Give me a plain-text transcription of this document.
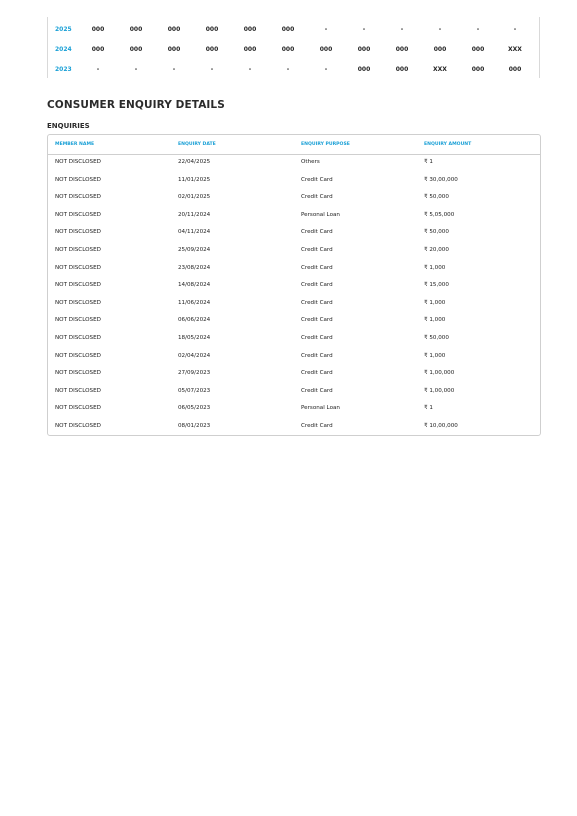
2025	000	000	000	000	000	000	-	-	-	-	-	-
2024	000	000	000	000	000	000	000	000	000	000	000	XXX
2023	-	-	-	-	-	-	-	000	000	XXX	000	000
CONSUMER ENQUIRY DETAILS
ENQUIRIES
MEMBER NAME	ENQUIRY DATE	ENQUIRY PURPOSE	ENQUIRY AMOUNT
NOT DISCLOSED	22/04/2025	Others	₹ 1
NOT DISCLOSED	11/01/2025	Credit Card	₹ 30,00,000
NOT DISCLOSED	02/01/2025	Credit Card	₹ 50,000
NOT DISCLOSED	20/11/2024	Personal Loan	₹ 5,05,000
NOT DISCLOSED	04/11/2024	Credit Card	₹ 50,000
NOT DISCLOSED	25/09/2024	Credit Card	₹ 20,000
NOT DISCLOSED	23/08/2024	Credit Card	₹ 1,000
NOT DISCLOSED	14/08/2024	Credit Card	₹ 15,000
NOT DISCLOSED	11/06/2024	Credit Card	₹ 1,000
NOT DISCLOSED	06/06/2024	Credit Card	₹ 1,000
NOT DISCLOSED	18/05/2024	Credit Card	₹ 50,000
NOT DISCLOSED	02/04/2024	Credit Card	₹ 1,000
NOT DISCLOSED	27/09/2023	Credit Card	₹ 1,00,000
NOT DISCLOSED	05/07/2023	Credit Card	₹ 1,00,000
NOT DISCLOSED	06/05/2023	Personal Loan	₹ 1
NOT DISCLOSED	08/01/2023	Credit Card	₹ 10,00,000
